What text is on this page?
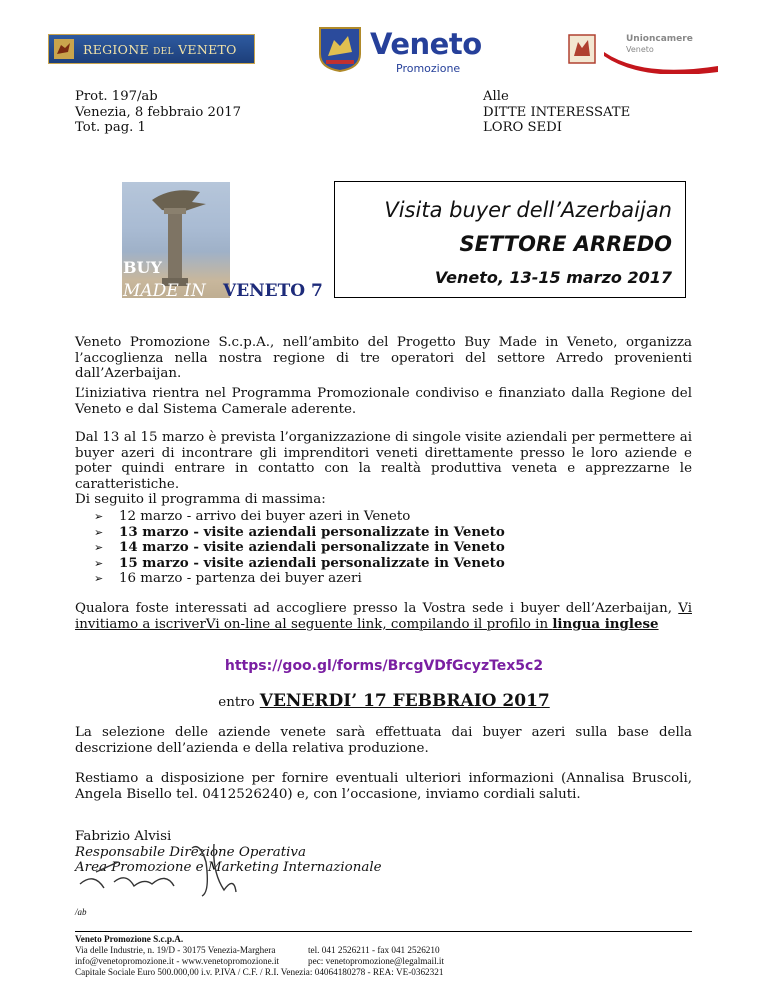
REGIONE DEL VENETO	Veneto
Promozione
Unioncamere
Veneto
Prot. 197/ab
Venezia, 8 febbraio 2017
Tot. pag. 1
Alle
DITTE INTERESSATE
LORO SEDI
BUY
MADE IN VENETO 7
Visita buyer dell’Azerbaijan
SETTORE ARREDO
Veneto, 13-15 marzo 2017
Veneto Promozione S.c.p.A., nell’ambito del Progetto Buy Made in Veneto, organizza l’accoglienza nella nostra regione di tre operatori del settore Arredo provenienti dall’Azerbaijan.
L’iniziativa rientra nel Programma Promozionale condiviso e finanziato dalla Regione del Veneto e dal Sistema Camerale aderente.
Dal 13 al 15 marzo è prevista l’organizzazione di singole visite aziendali per permettere ai buyer azeri di incontrare gli imprenditori veneti direttamente presso le loro aziende e poter quindi entrare in contatto con la realtà produttiva veneta e apprezzarne le caratteristiche.
Di seguito il programma di massima:
➢	12 marzo - arrivo dei buyer azeri in Veneto
➢	13 marzo - visite aziendali personalizzate in Veneto
➢	14 marzo - visite aziendali personalizzate in Veneto
➢	15 marzo - visite aziendali personalizzate in Veneto
➢	16 marzo - partenza dei buyer azeri
Qualora foste interessati ad accogliere presso la Vostra sede i buyer dell’Azerbaijan, Vi invitiamo a iscriverVi on-line al seguente link, compilando il profilo in lingua inglese
https://goo.gl/forms/BrcgVDfGcyzTex5c2
entro VENERDI’ 17 FEBBRAIO 2017
La selezione delle aziende venete sarà effettuata dai buyer azeri sulla base della descrizione dell’azienda e della relativa produzione.
Restiamo a disposizione per fornire eventuali ulteriori informazioni (Annalisa Bruscoli, Angela Bisello tel. 0412526240) e, con l’occasione, inviamo cordiali saluti.
Fabrizio Alvisi
Responsabile Direzione Operativa
Area Promozione e Marketing Internazionale
/ab
Veneto Promozione S.c.p.A.
Via delle Industrie, n. 19/D - 30175 Venezia-Marghera	tel. 041 2526211 - fax 041 2526210
info@venetopromozione.it - www.venetopromozione.it	pec: venetopromozione@legalmail.it
Capitale Sociale Euro 500.000,00 i.v. P.IVA / C.F. / R.I. Venezia: 04064180278 - REA: VE-0362321
